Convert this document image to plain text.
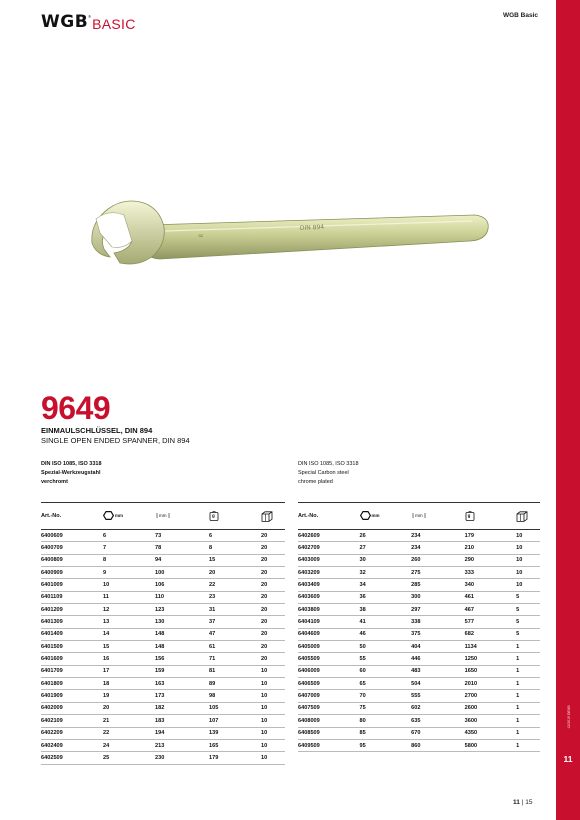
WGB ® BASIC
WGB Basic
12/2019 DEUB
11
≈
DIN 894
9649
EINMAULSCHLÜSSEL, DIN 894
SINGLE OPEN ENDED SPANNER, DIN 894
DIN ISO 1085, ISO 3318
Spezial-Werkzeugstahl
verchromt
DIN ISO 1085, ISO 3318
Special Carbon steel
chrome plated
Art.-No.	mm	mm	g

6400609	6	73	6	20
6400709	7	78	8	20
6400809	8	94	15	20
6400909	9	100	20	20
6401009	10	106	22	20
6401109	11	110	23	20
6401209	12	123	31	20
6401309	13	130	37	20
6401409	14	148	47	20
6401509	15	148	61	20
6401609	16	156	71	20
6401709	17	159	81	10
6401809	18	163	89	10
6401909	19	173	98	10
6402009	20	182	105	10
6402109	21	183	107	10
6402209	22	194	139	10
6402409	24	213	165	10
6402509	25	230	179	10
Art.-No.	mm	mm	g

6402609	26	234	179	10
6402709	27	234	210	10
6403009	30	260	290	10
6403209	32	275	333	10
6403409	34	285	340	10
6403609	36	300	461	5
6403809	38	297	467	5
6404109	41	338	577	5
6404609	46	375	682	5
6405009	50	404	1134	1
6405509	55	446	1250	1
6406009	60	483	1650	1
6406509	65	504	2010	1
6407009	70	555	2700	1
6407509	75	602	2600	1
6408009	80	635	3600	1
6408509	85	670	4350	1
6409509	95	860	5800	1
11 | 15
